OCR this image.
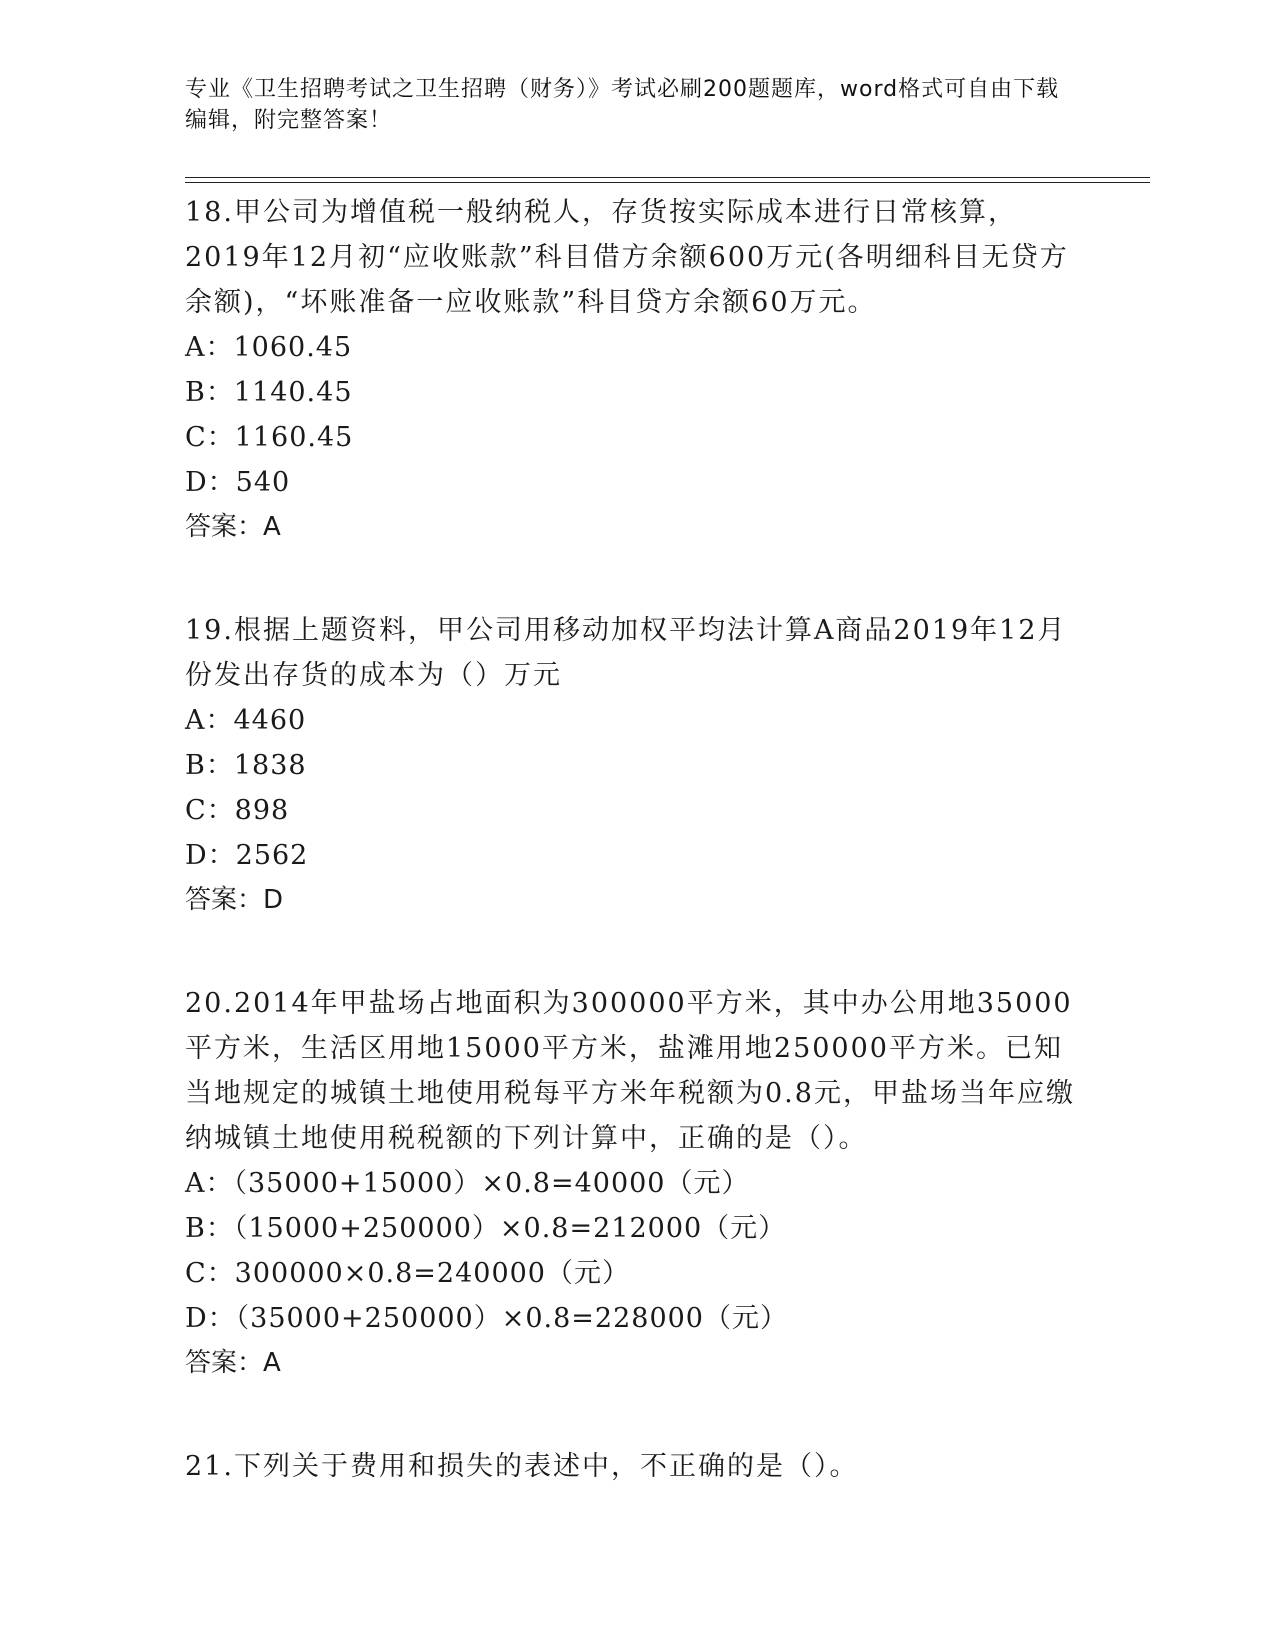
专业《卫生招聘考试之卫生招聘（财务）》考试必刷200题题库，word格式可自由下载编辑，附完整答案！

18.甲公司为增值税一般纳税人，存货按实际成本进行日常核算，2019年12月初“应收账款”科目借方余额600万元(各明细科目无贷方余额)，“坏账准备一应收账款”科目贷方余额60万元。

A：1060.45
B：1140.45
C：1160.45
D：540

答案：A

19.根据上题资料，甲公司用移动加权平均法计算A商品2019年12月份发出存货的成本为（）万元

A：4460
B：1838
C：898
D：2562

答案：D

20.2014年甲盐场占地面积为300000平方米，其中办公用地35000平方米，生活区用地15000平方米，盐滩用地250000平方米。已知当地规定的城镇土地使用税每平方米年税额为0.8元，甲盐场当年应缴纳城镇土地使用税税额的下列计算中，正确的是（）。

A：（35000+15000）×0.8=40000（元）
B：（15000+250000）×0.8=212000（元）
C：300000×0.8=240000（元）
D：（35000+250000）×0.8=228000（元）

答案：A

21.下列关于费用和损失的表述中，不正确的是（）。
